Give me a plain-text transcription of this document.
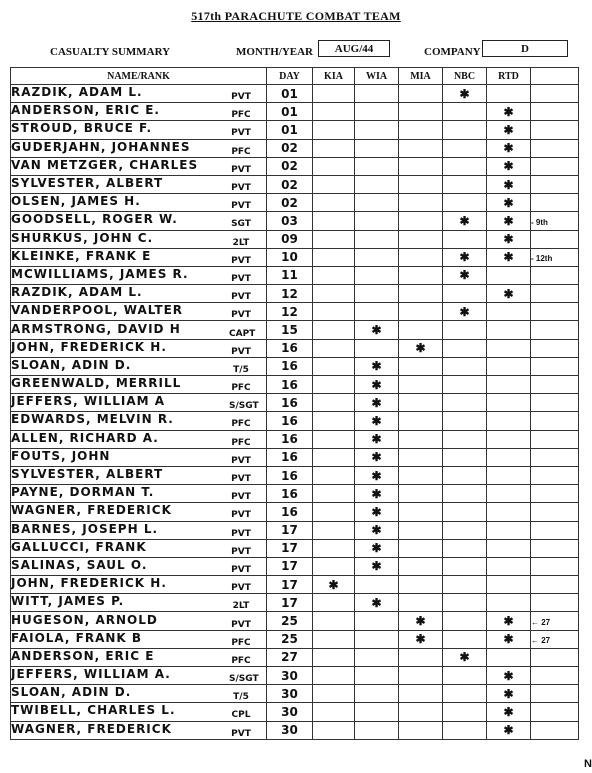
517th PARACHUTE COMBAT TEAM
CASUALTY SUMMARY	MONTH/YEAR	AUG/44	COMPANY	D
NAME/RANK	DAY	KIA	WIA	MIA	NBC	RTD	
RAZDIK, ADAM L. PVT	01				✱		
ANDERSON, ERIC E. PFC	01					✱	
STROUD, BRUCE F. PVT	01					✱	
GUDERJAHN, JOHANNES PFC	02					✱	
VAN METZGER, CHARLES PVT	02					✱	
SYLVESTER, ALBERT PVT	02					✱	
OLSEN, JAMES H. PVT	02					✱	
GOODSELL, ROGER W. SGT	03				✱	✱	- 9th
SHURKUS, JOHN C. 2LT	09					✱	
KLEINKE, FRANK E PVT	10				✱	✱	- 12th
MCWILLIAMS, JAMES R. PVT	11				✱		
RAZDIK, ADAM L. PVT	12					✱	
VANDERPOOL, WALTER PVT	12				✱		
ARMSTRONG, DAVID H CAPT	15		✱				
JOHN, FREDERICK H. PVT	16			✱			
SLOAN, ADIN D. T/5	16		✱				
GREENWALD, MERRILL PFC	16		✱				
JEFFERS, WILLIAM A S/SGT	16		✱				
EDWARDS, MELVIN R. PFC	16		✱				
ALLEN, RICHARD A. PFC	16		✱				
FOUTS, JOHN PVT	16		✱				
SYLVESTER, ALBERT PVT	16		✱				
PAYNE, DORMAN T. PVT	16		✱				
WAGNER, FREDERICK PVT	16		✱				
BARNES, JOSEPH L. PVT	17		✱				
GALLUCCI, FRANK PVT	17		✱				
SALINAS, SAUL O. PVT	17		✱				
JOHN, FREDERICK H. PVT	17	✱					
WITT, JAMES P. 2LT	17		✱				
HUGESON, ARNOLD PVT	25			✱		✱	← 27
FAIOLA, FRANK B PFC	25			✱		✱	← 27
ANDERSON, ERIC E PFC	27				✱		
JEFFERS, WILLIAM A. S/SGT	30					✱	
SLOAN, ADIN D. T/5	30					✱	
TWIBELL, CHARLES L. CPL	30					✱	
WAGNER, FREDERICK PVT	30					✱	
N
